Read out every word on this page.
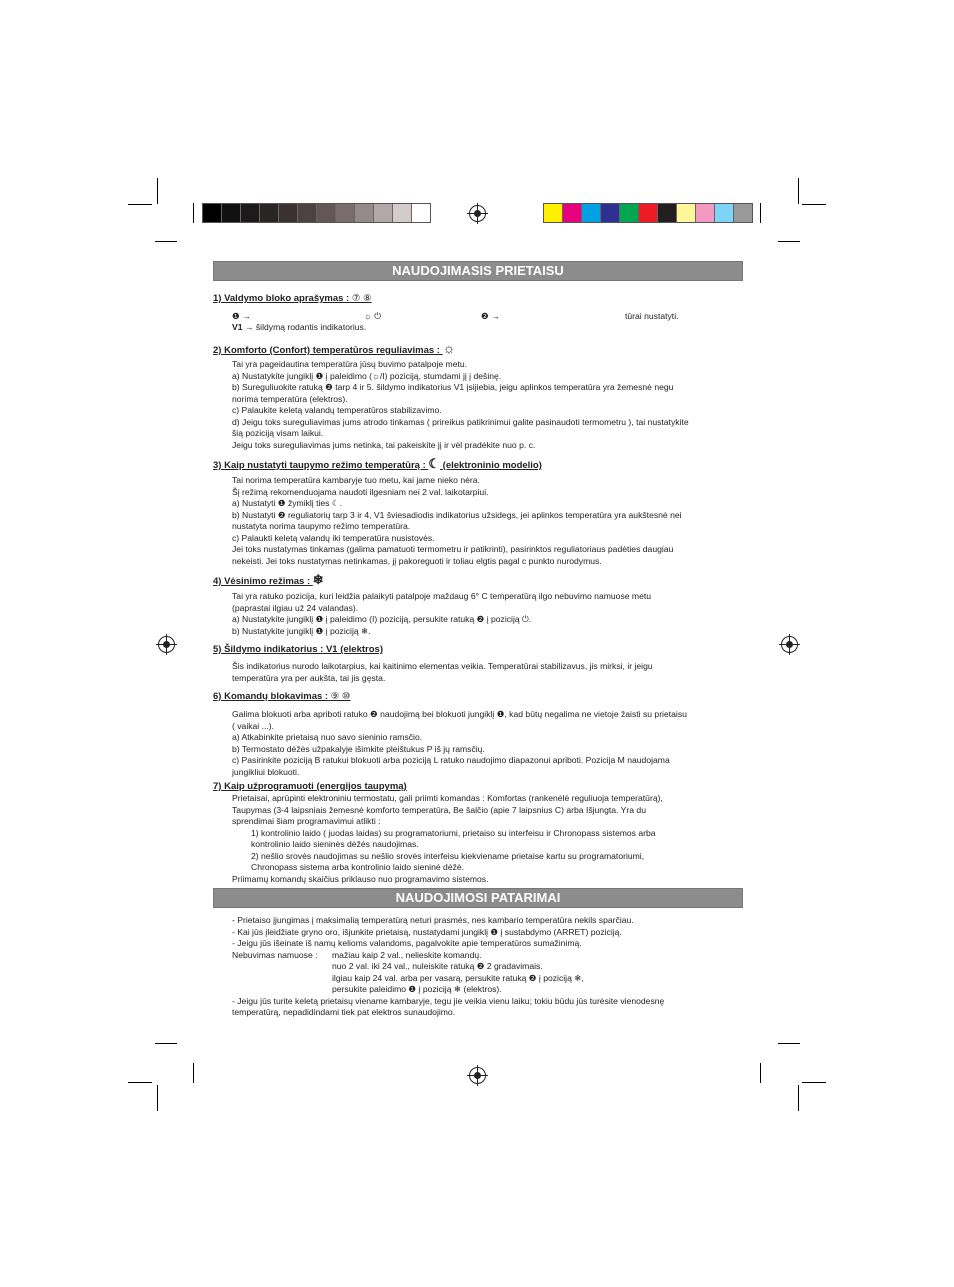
NAUDOJIMASIS PRIETAISU
1) Valdymo bloko aprašymas : ⑦ ⑧
❶ →	☼ ⏻	❷ →	tūrai nustatyti.
V1 → šildymą rodantis indikatorius.
2) Komforto (Confort) temperatūros reguliavimas : ☼
Tai yra pageidautina temperatūra jūsų buvimo patalpoje metu.
a) Nustatykite jungiklį ❶ į paleidimo (☼/I) poziciją, stumdami jį į dešinę.
b) Sureguliuokite ratuką ❷ tarp 4 ir 5. šildymo indikatorius V1 įsijiebia, jeigu aplinkos temperatūra yra žemesnė negu
norima temperatūra (elektros).
c) Palaukite keletą valandų temperatūros stabilizavimo.
d) Jeigu toks sureguliavimas jums atrodo tinkamas ( prireikus patikrinimui galite pasinaudoti termometru ), tai nustatykite
šią poziciją visam laikui.
Jeigu toks sureguliavimas jums netinka, tai pakeiskite jį ir vėl pradėkite nuo p. c.
3) Kaip nustatyti taupymo režimo temperatūrą : ☾ (elektroninio modelio)
Tai norima temperatūra kambaryje tuo metu, kai jame nieko nėra.
Šį režimą rekomenduojama naudoti ilgesniam nei 2 val. laikotarpiui.
a) Nustatyti ❶ žymiklį ties ☾.
b) Nustatyti ❷ reguliatorių tarp 3 ir 4, V1 šviesadiodis indikatorius užsidegs, jei aplinkos temperatūra yra aukštesnė nei
nustatyta norima taupymo režimo temperatūra.
c) Palaukti keletą valandų iki temperatūra nusistovės.
Jei toks nustatymas tinkamas (galima pamatuoti termometru ir patikrinti), pasirinktos reguliatoriaus padėties daugiau
nekeisti. Jei toks nustatymas netinkamas, jį pakoreguoti ir toliau elgtis pagal c punkto nurodymus.
4) Vėsinimo režimas : ❄
Tai yra ratuko pozicija, kuri leidžia palaikyti patalpoje maždaug 6° C temperatūrą ilgo nebuvimo namuose metu
(paprastai ilgiau už 24 valandas).
a) Nustatykite jungiklį ❶ į paleidimo (I) poziciją, persukite ratuką ❷ į poziciją ⏻.
b) Nustatykite jungiklį ❶ į poziciją ❄.
5) Šildymo indikatorius : V1 (elektros)
Šis indikatorius nurodo laikotarpius, kai kaitinimo elementas veikia. Temperatūrai stabilizavus, jis mirksi, ir jeigu
temperatūra yra per aukšta, tai jis gęsta.
6) Komandų blokavimas : ⑨ ⑩
Galima blokuoti arba apriboti ratuko ❷ naudojimą bei blokuoti jungiklį ❶, kad būtų negalima ne vietoje žaisti su prietaisu
( vaikai ...).
a) Atkabinkite prietaisą nuo savo sieninio ramsčio.
b) Termostato dėžės užpakalyje išimkite pleištukus P iš jų ramsčių.
c) Pasirinkite poziciją B ratukui blokuoti arba poziciją L ratuko naudojimo diapazonui apriboti. Pozicija M naudojama
jungikliui blokuoti.
7) Kaip užprogramuoti (energijos taupymą)
Prietaisai, aprūpinti elektroniniu termostatu, gali priimti komandas : Komfortas (rankenėlė reguliuoja temperatūrą),
Taupymas (3-4 laipsniais žemesnė komforto temperatūra, Be šalčio (apie 7 laipsnius C) arba Išjungta. Yra du
sprendimai šiam programavimui atlikti :
1) kontrolinio laido ( juodas laidas) su programatoriumi, prietaiso su interfeisu ir Chronopass sistemos arba
kontrolinio laido sieninės dėžės naudojimas.
2) nešlio srovės naudojimas su nešlio srovės interfeisu kiekviename prietaise kartu su programatoriumi,
Chronopass sistema arba kontrolinio laido sieninė dėžė.
Priimamų komandų skaičius priklauso nuo programavimo sistemos.
NAUDOJIMOSI PATARIMAI
- Prietaiso įjungimas į maksimalią temperatūrą neturi prasmės, nes kambario temperatūra nekils sparčiau.
- Kai jūs įleidžiate gryno oro, išjunkite prietaisą, nustatydami jungiklį ❶ į sustabdymo (ARRET) poziciją.
- Jeigu jūs išeinate iš namų kelioms valandoms, pagalvokite apie temperatūros sumažinimą.
Nebuvimas namuose :	mažiau kaip 2 val., nelieskite komandų.
nuo 2 val. iki 24 val., nuleiskite ratuką ❷ 2 gradavimais.
ilgiau kaip 24 val. arba per vasarą, persukite ratuką ❷ į poziciją ❄,
persukite paleidimo ❶ į poziciją ❄ (elektros).
- Jeigu jūs turite keletą prietaisų viename kambaryje, tegu jie veikia vienu laiku; tokiu būdu jūs turėsite vienodesnę
temperatūrą, nepadidindami tiek pat elektros sunaudojimo.
